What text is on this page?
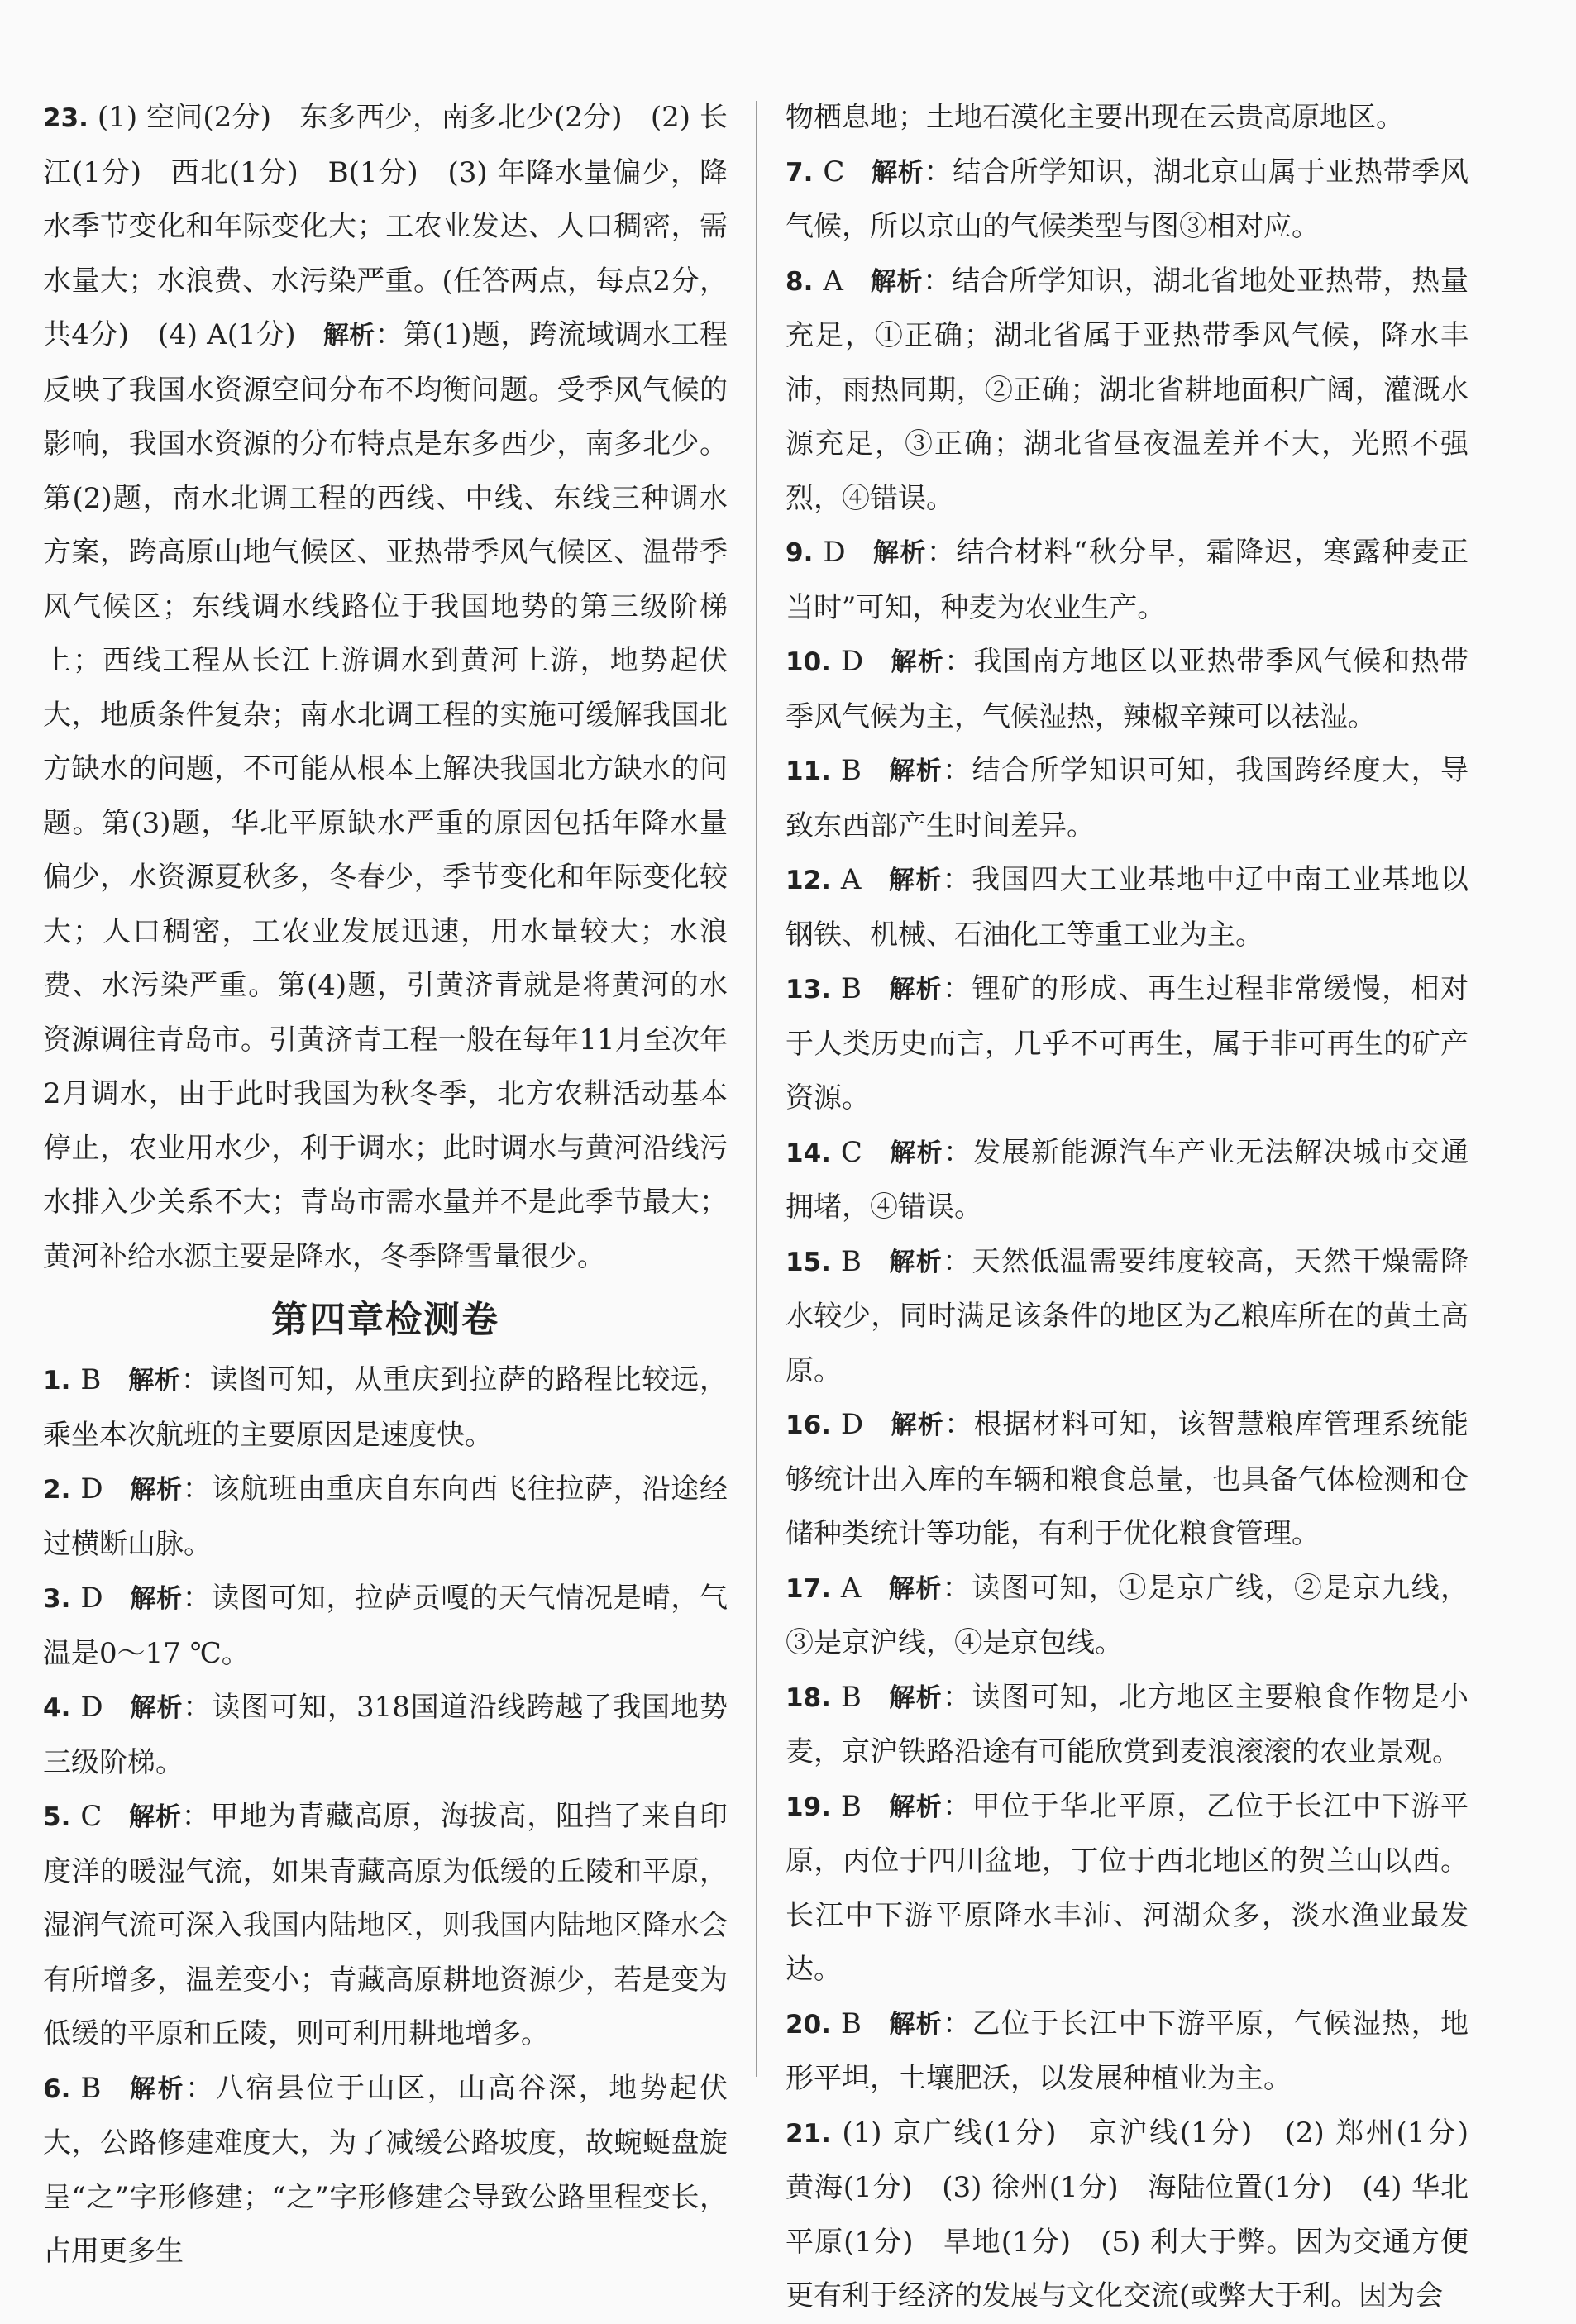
23. (1) 空间(2分)　东多西少，南多北少(2分)　(2) 长江(1分)　西北(1分)　B(1分)　(3) 年降水量偏少，降水季节变化和年际变化大；工农业发达、人口稠密，需水量大；水浪费、水污染严重。(任答两点，每点2分，共4分)　(4) A(1分) 解析：第(1)题，跨流域调水工程反映了我国水资源空间分布不均衡问题。受季风气候的影响，我国水资源的分布特点是东多西少，南多北少。第(2)题，南水北调工程的西线、中线、东线三种调水方案，跨高原山地气候区、亚热带季风气候区、温带季风气候区；东线调水线路位于我国地势的第三级阶梯上；西线工程从长江上游调水到黄河上游，地势起伏大，地质条件复杂；南水北调工程的实施可缓解我国北方缺水的问题，不可能从根本上解决我国北方缺水的问题。第(3)题，华北平原缺水严重的原因包括年降水量偏少，水资源夏秋多，冬春少，季节变化和年际变化较大；人口稠密，工农业发展迅速，用水量较大；水浪费、水污染严重。第(4)题，引黄济青就是将黄河的水资源调往青岛市。引黄济青工程一般在每年11月至次年2月调水，由于此时我国为秋冬季，北方农耕活动基本停止，农业用水少，利于调水；此时调水与黄河沿线污水排入少关系不大；青岛市需水量并不是此季节最大；黄河补给水源主要是降水，冬季降雪量很少。

第四章检测卷

1. B 解析：读图可知，从重庆到拉萨的路程比较远，乘坐本次航班的主要原因是速度快。

2. D 解析：该航班由重庆自东向西飞往拉萨，沿途经过横断山脉。

3. D 解析：读图可知，拉萨贡嘎的天气情况是晴，气温是0～17 ℃。

4. D 解析：读图可知，318国道沿线跨越了我国地势三级阶梯。

5. C 解析：甲地为青藏高原，海拔高，阻挡了来自印度洋的暖湿气流，如果青藏高原为低缓的丘陵和平原，湿润气流可深入我国内陆地区，则我国内陆地区降水会有所增多，温差变小；青藏高原耕地资源少，若是变为低缓的平原和丘陵，则可利用耕地增多。

6. B 解析：八宿县位于山区，山高谷深，地势起伏大，公路修建难度大，为了减缓公路坡度，故蜿蜒盘旋呈“之”字形修建；“之”字形修建会导致公路里程变长，占用更多生

物栖息地；土地石漠化主要出现在云贵高原地区。

7. C 解析：结合所学知识，湖北京山属于亚热带季风气候，所以京山的气候类型与图③相对应。

8. A 解析：结合所学知识，湖北省地处亚热带，热量充足，①正确；湖北省属于亚热带季风气候，降水丰沛，雨热同期，②正确；湖北省耕地面积广阔，灌溉水源充足，③正确；湖北省昼夜温差并不大，光照不强烈，④错误。

9. D 解析：结合材料“秋分早，霜降迟，寒露种麦正当时”可知，种麦为农业生产。

10. D 解析：我国南方地区以亚热带季风气候和热带季风气候为主，气候湿热，辣椒辛辣可以祛湿。

11. B 解析：结合所学知识可知，我国跨经度大，导致东西部产生时间差异。

12. A 解析：我国四大工业基地中辽中南工业基地以钢铁、机械、石油化工等重工业为主。

13. B 解析：锂矿的形成、再生过程非常缓慢，相对于人类历史而言，几乎不可再生，属于非可再生的矿产资源。

14. C 解析：发展新能源汽车产业无法解决城市交通拥堵，④错误。

15. B 解析：天然低温需要纬度较高，天然干燥需降水较少，同时满足该条件的地区为乙粮库所在的黄土高原。

16. D 解析：根据材料可知，该智慧粮库管理系统能够统计出入库的车辆和粮食总量，也具备气体检测和仓储种类统计等功能，有利于优化粮食管理。

17. A 解析：读图可知，①是京广线，②是京九线，③是京沪线，④是京包线。

18. B 解析：读图可知，北方地区主要粮食作物是小麦，京沪铁路沿途有可能欣赏到麦浪滚滚的农业景观。

19. B 解析：甲位于华北平原，乙位于长江中下游平原，丙位于四川盆地，丁位于西北地区的贺兰山以西。长江中下游平原降水丰沛、河湖众多，淡水渔业最发达。

20. B 解析：乙位于长江中下游平原，气候湿热，地形平坦，土壤肥沃，以发展种植业为主。

21. (1) 京广线(1分)　京沪线(1分)　(2) 郑州(1分)　黄海(1分)　(3) 徐州(1分)　海陆位置(1分)　(4) 华北平原(1分)　旱地(1分)　(5) 利大于弊。因为交通方便更有利于经济的发展与文化交流(或弊大于利。因为会
